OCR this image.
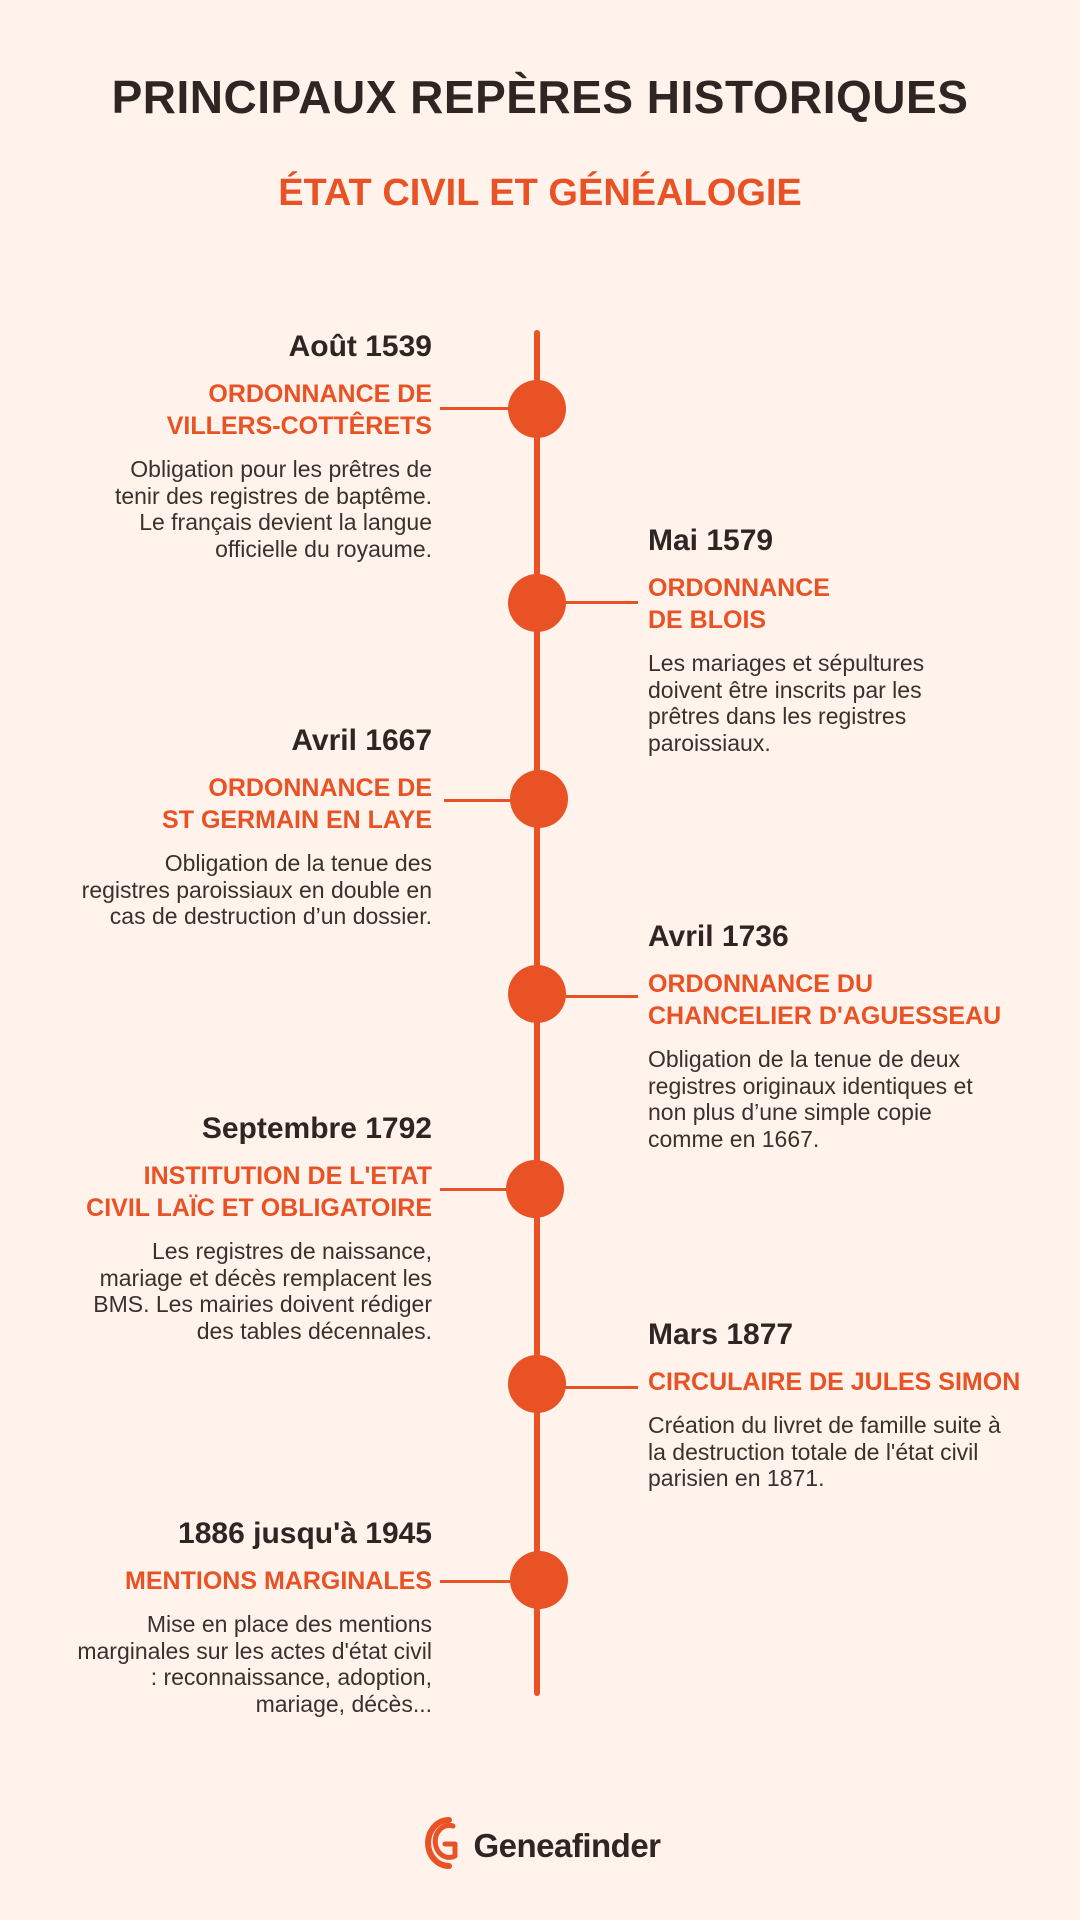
PRINCIPAUX REPÈRES HISTORIQUES
ÉTAT CIVIL ET GÉNÉALOGIE
Août 1539
ORDONNANCE DE
VILLERS-COTTÊRETS
Obligation pour les prêtres de
tenir des registres de baptême.
Le français devient la langue
officielle du royaume.	Mai 1579
ORDONNANCE
DE BLOIS
Les mariages et sépultures
doivent être inscrits par les
prêtres dans les registres
paroissiaux.
Avril 1667
ORDONNANCE DE
ST GERMAIN EN LAYE
Obligation de la tenue des
registres paroissiaux en double en
cas de destruction d’un dossier.
Avril 1736
ORDONNANCE DU
CHANCELIER D'AGUESSEAU
Obligation de la tenue de deux
registres originaux identiques et
non plus d’une simple copie
comme en 1667.
Septembre 1792
INSTITUTION DE L'ETAT
CIVIL LAÏC ET OBLIGATOIRE
Les registres de naissance,
mariage et décès remplacent les
BMS. Les mairies doivent rédiger
des tables décennales.	Mars 1877
CIRCULAIRE DE JULES SIMON
Création du livret de famille suite à
la destruction totale de l'état civil
parisien en 1871.
1886 jusqu'à 1945
MENTIONS MARGINALES
Mise en place des mentions
marginales sur les actes d'état civil
: reconnaissance, adoption,
mariage, décès...
Geneafinder
